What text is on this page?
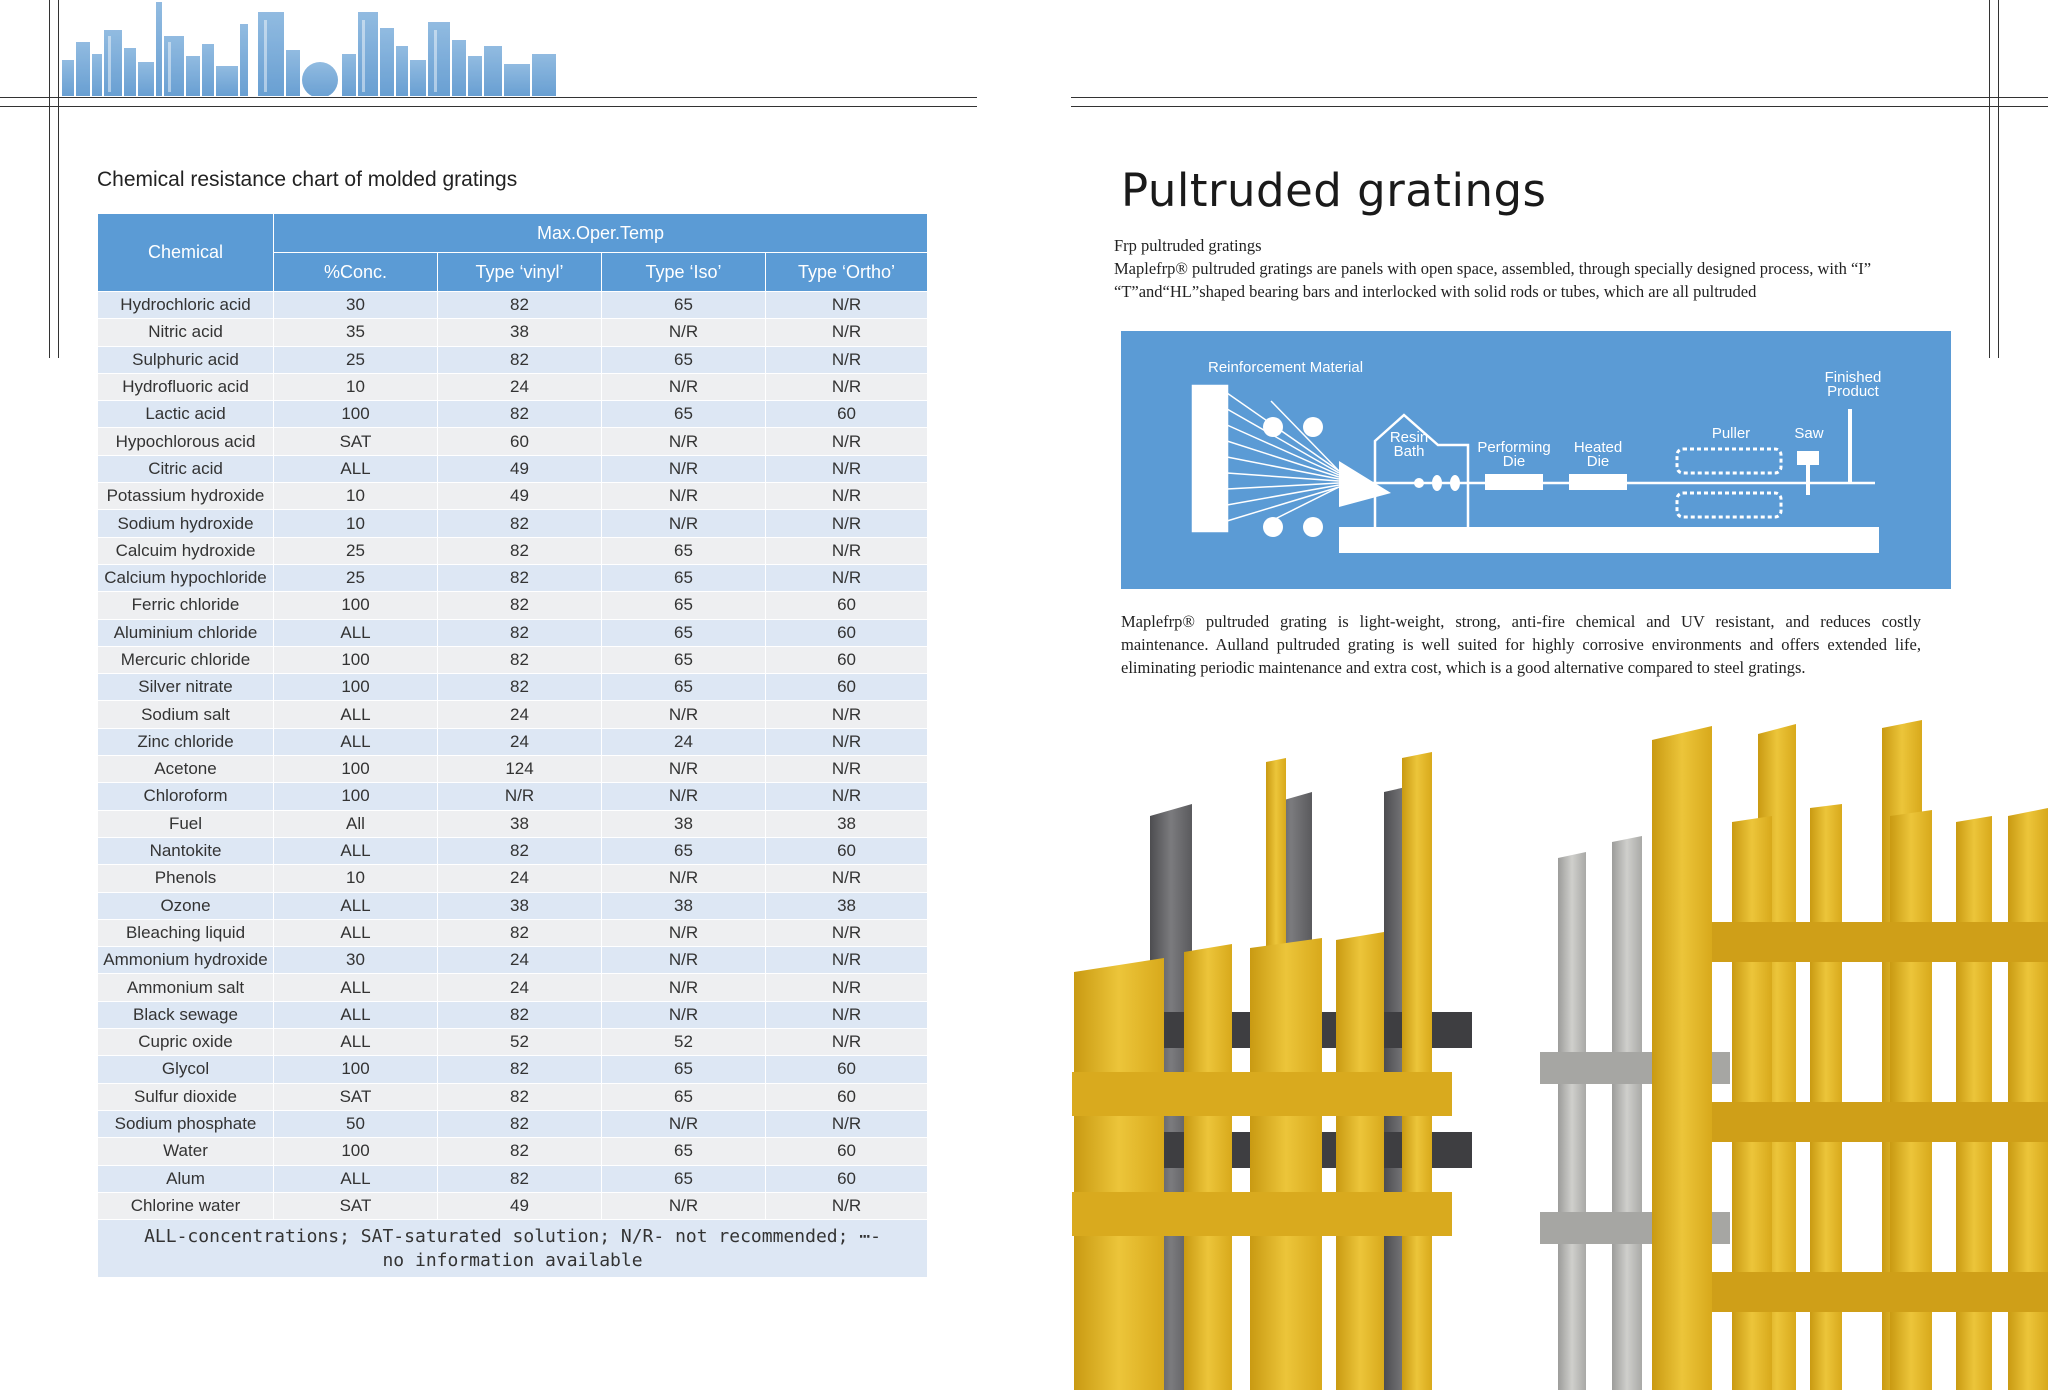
Chemical resistance chart of molded gratings
Chemical	Max.Oper.Temp			
	%Conc.	Type ‘vinyl’	Type ‘Iso’	Type ‘Ortho’
Hydrochloric acid	30	82	65	N/R
Nitric acid	35	38	N/R	N/R
Sulphuric acid	25	82	65	N/R
Hydrofluoric acid	10	24	N/R	N/R
Lactic acid	100	82	65	60
Hypochlorous acid	SAT	60	N/R	N/R
Citric acid	ALL	49	N/R	N/R
Potassium hydroxide	10	49	N/R	N/R
Sodium hydroxide	10	82	N/R	N/R
Calcuim hydroxide	25	82	65	N/R
Calcium hypochloride	25	82	65	N/R
Ferric chloride	100	82	65	60
Aluminium chloride	ALL	82	65	60
Mercuric chloride	100	82	65	60
Silver nitrate	100	82	65	60
Sodium salt	ALL	24	N/R	N/R
Zinc chloride	ALL	24	24	N/R
Acetone	100	124	N/R	N/R
Chloroform	100	N/R	N/R	N/R
Fuel	All	38	38	38
Nantokite	ALL	82	65	60
Phenols	10	24	N/R	N/R
Ozone	ALL	38	38	38
Bleaching liquid	ALL	82	N/R	N/R
Ammonium hydroxide	30	24	N/R	N/R
Ammonium salt	ALL	24	N/R	N/R
Black sewage	ALL	82	N/R	N/R
Cupric oxide	ALL	52	52	N/R
Glycol	100	82	65	60
Sulfur dioxide	SAT	82	65	60
Sodium phosphate	50	82	N/R	N/R
Water	100	82	65	60
Alum	ALL	82	65	60
Chlorine water	SAT	49	N/R	N/R
ALL-concentrations; SAT-saturated solution; N/R- not recommended; ⋯-no information available				
Pultruded gratings
Frp pultruded gratings
Maplefrp® pultruded gratings are panels with open space, assembled, through specially designed process, with “I”
“T”and“HL”shaped bearing bars and interlocked with solid rods or tubes, which are all pultruded
Reinforcement Material
Resin
Bath	Performing
Die
Heated
Die
Puller	Saw
Finished
Product
Maplefrp® pultruded grating is light-weight, strong, anti-fire chemical and UV resistant, and reduces costly maintenance. Aulland pultruded grating is well suited for highly corrosive environments and offers extended life, eliminating periodic maintenance and extra cost, which is a good alternative compared to steel gratings.
